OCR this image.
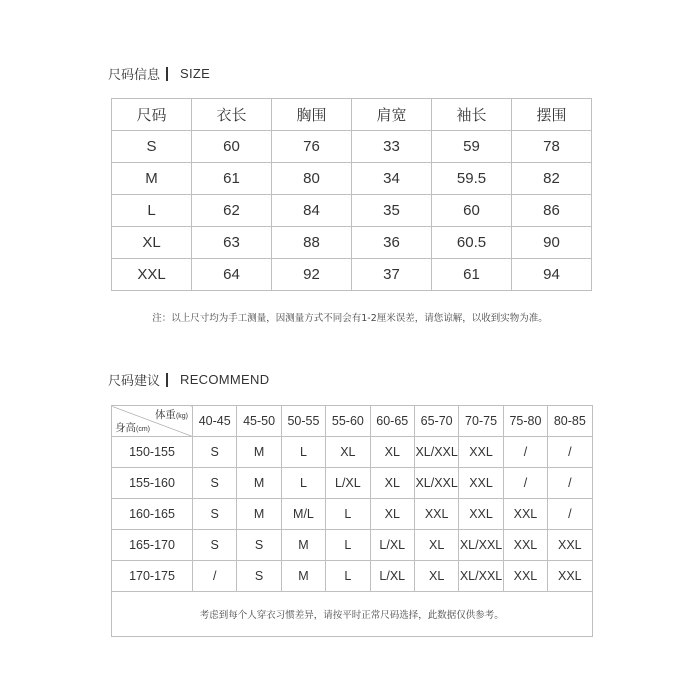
尺码信息 SIZE
尺码	衣长	胸围	肩宽	袖长	摆围
S	60	76	33	59	78
M	61	80	34	59.5	82
L	62	84	35	60	86
XL	63	88	36	60.5	90
XXL	64	92	37	61	94
注：以上尺寸均为手工测量，因测量方式不同会有1-2厘米误差，请您谅解，以收到实物为准。
尺码建议 RECOMMEND
体重(kg)
身高(cm)	40-45	45-50	50-55	55-60	60-65	65-70	70-75	75-80	80-85
150-155	S	M	L	XL	XL	XL/XXL	XXL	/	/
155-160	S	M	L	L/XL	XL	XL/XXL	XXL	/	/
160-165	S	M	M/L	L	XL	XXL	XXL	XXL	/
165-170	S	S	M	L	L/XL	XL	XL/XXL	XXL	XXL
170-175	/	S	M	L	L/XL	XL	XL/XXL	XXL	XXL
考虑到每个人穿衣习惯差异，请按平时正常尺码选择，此数据仅供参考。									
